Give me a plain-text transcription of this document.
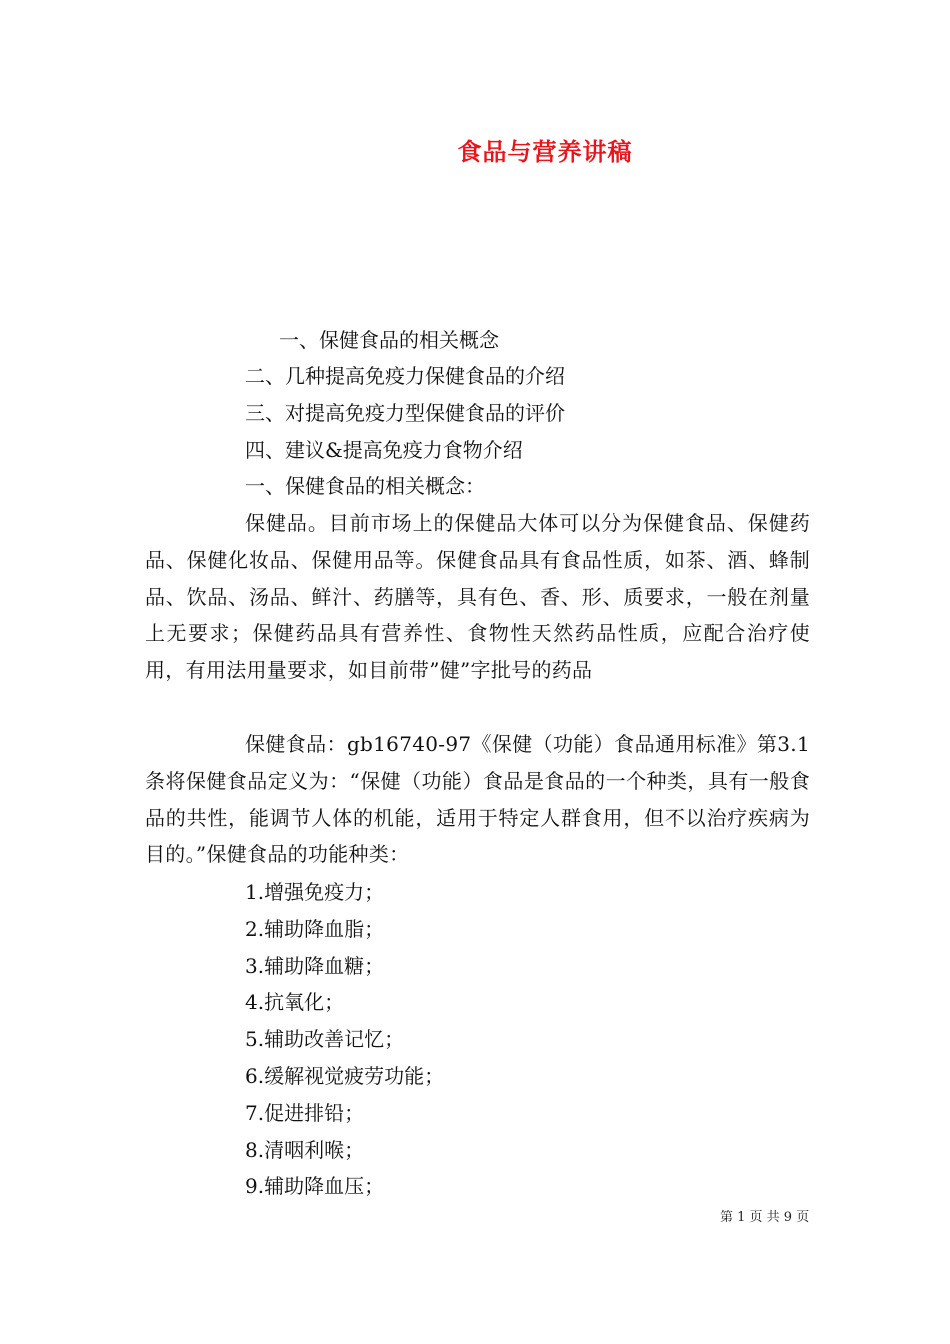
食品与营养讲稿
一、保健食品的相关概念
二、几种提高免疫力保健食品的介绍
三、对提高免疫力型保健食品的评价
四、建议&提高免疫力食物介绍
一、保健食品的相关概念：
保健品。目前市场上的保健品大体可以分为保健食品、保健药品、保健化妆品、保健用品等。保健食品具有食品性质，如茶、酒、蜂制品、饮品、汤品、鲜汁、药膳等，具有色、香、形、质要求，一般在剂量上无要求；保健药品具有营养性、食物性天然药品性质，应配合治疗使用，有用法用量要求，如目前带”健”字批号的药品
保健食品：gb16740-97《保健（功能）食品通用标准》第3.1条将保健食品定义为：“保健（功能）食品是食品的一个种类，具有一般食品的共性，能调节人体的机能，适用于特定人群食用，但不以治疗疾病为目的。”保健食品的功能种类：
1.增强免疫力；
2.辅助降血脂；
3.辅助降血糖；
4.抗氧化；
5.辅助改善记忆；
6.缓解视觉疲劳功能；
7.促进排铅；
8.清咽利喉；
9.辅助降血压；
第 1 页 共 9 页
